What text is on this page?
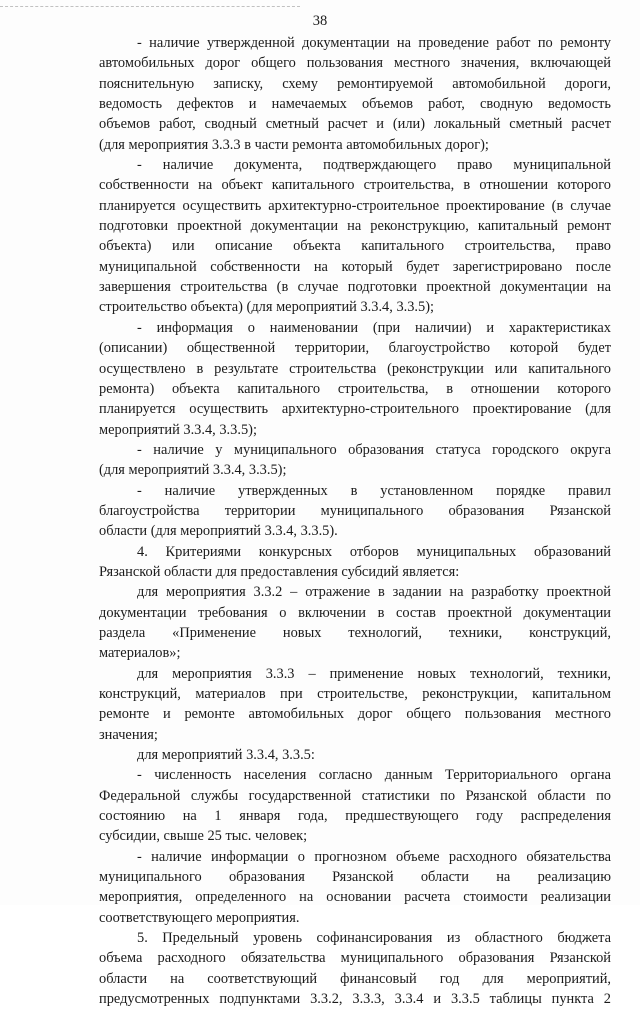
38
- наличие утвержденной документации на проведение работ по ремонту
автомобильных дорог общего пользования местного значения, включающей
пояснительную записку, схему ремонтируемой автомобильной дороги,
ведомость дефектов и намечаемых объемов работ, сводную ведомость
объемов работ, сводный сметный расчет и (или) локальный сметный расчет
(для мероприятия 3.3.3 в части ремонта автомобильных дорог);
- наличие документа, подтверждающего право муниципальной
собственности на объект капитального строительства, в отношении которого
планируется осуществить архитектурно-строительное проектирование (в случае
подготовки проектной документации на реконструкцию, капитальный ремонт
объекта) или описание объекта капитального строительства, право
муниципальной собственности на который будет зарегистрировано после
завершения строительства (в случае подготовки проектной документации на
строительство объекта) (для мероприятий 3.3.4, 3.3.5);
- информация о наименовании (при наличии) и характеристиках
(описании) общественной территории, благоустройство которой будет
осуществлено в результате строительства (реконструкции или капитального
ремонта) объекта капитального строительства, в отношении которого
планируется осуществить архитектурно-строительного проектирование (для
мероприятий 3.3.4, 3.3.5);
- наличие у муниципального образования статуса городского округа
(для мероприятий 3.3.4, 3.3.5);
- наличие утвержденных в установленном порядке правил
благоустройства территории муниципального образования Рязанской
области (для мероприятий 3.3.4, 3.3.5).
4. Критериями конкурсных отборов муниципальных образований
Рязанской области для предоставления субсидий является:
для мероприятия 3.3.2 – отражение в задании на разработку проектной
документации требования о включении в состав проектной документации
раздела «Применение новых технологий, техники, конструкций,
материалов»;
для мероприятия 3.3.3 – применение новых технологий, техники,
конструкций, материалов при строительстве, реконструкции, капитальном
ремонте и ремонте автомобильных дорог общего пользования местного
значения;
для мероприятий 3.3.4, 3.3.5:
- численность населения согласно данным Территориального органа
Федеральной службы государственной статистики по Рязанской области по
состоянию на 1 января года, предшествующего году распределения
субсидии, свыше 25 тыс. человек;
- наличие информации о прогнозном объеме расходного обязательства
муниципального образования Рязанской области на реализацию
мероприятия, определенного на основании расчета стоимости реализации
соответствующего мероприятия.
5. Предельный уровень софинансирования из областного бюджета
объема расходного обязательства муниципального образования Рязанской
области на соответствующий финансовый год для мероприятий,
предусмотренных подпунктами 3.3.2, 3.3.3, 3.3.4 и 3.3.5 таблицы пункта 2
